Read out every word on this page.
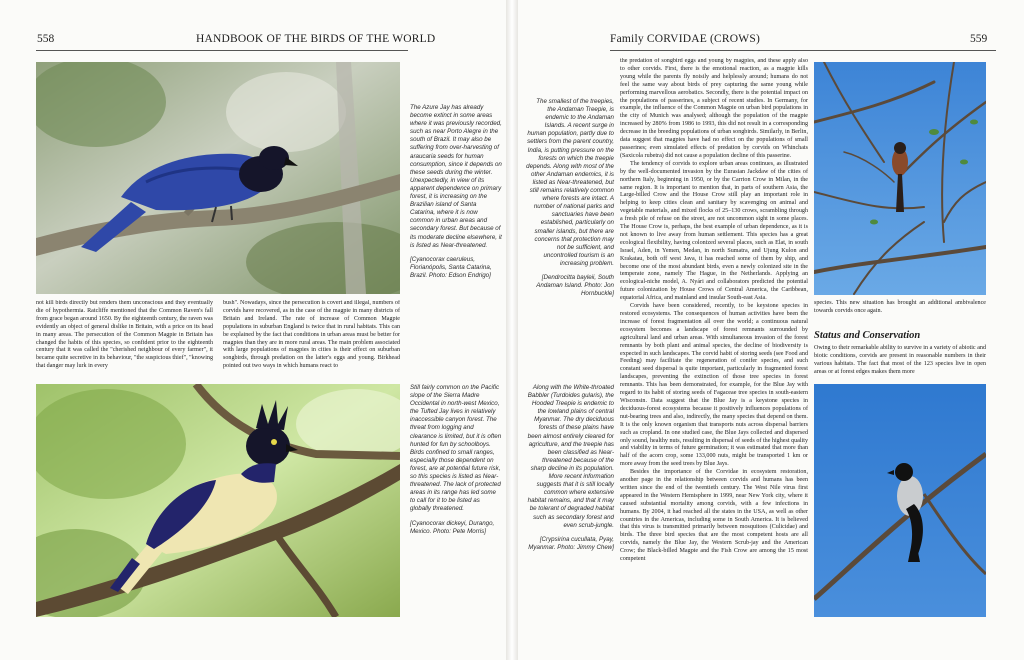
558	HANDBOOK OF THE BIRDS OF THE WORLD

The Azure Jay has already become extinct in some areas where it was previously recorded, such as near Porto Alegre in the south of Brazil. It may also be suffering from over-harvesting of araucaria seeds for human consumption, since it depends on these seeds during the winter. Unexpectedly, in view of its apparent dependence on primary forest, it is increasing on the Brazilian island of Santa Catarina, where it is now common in urban areas and secondary forest. But because of its moderate decline elsewhere, it is listed as Near-threatened.

[Cyanocorax caeruleus, Florianópolis, Santa Catarina, Brazil. Photo: Edson Endrigo]

not kill birds directly but renders them unconscious and they eventually die of hypothermia. Ratcliffe mentioned that the Common Raven's fall from grace began around 1650. By the eighteenth century, the raven was evidently an object of general dislike in Britain, with a price on its head in many areas. The persecution of the Common Magpie in Britain has changed the habits of this species, so confident prior to the eighteenth century that it was called the "cherished neighbour of every farmer", it became quite secretive in its behaviour, "the suspicious thief", "knowing that danger may lurk in every

bush". Nowadays, since the persecution is covert and illegal, numbers of corvids have recovered, as in the case of the magpie in many districts of Britain and Ireland. The rate of increase of Common Magpie populations in suburban England is twice that in rural habitats. This can be explained by the fact that conditions in urban areas must be better for magpies than they are in more rural areas. The main problem associated with large populations of magpies in cities is their effect on suburban songbirds, through predation on the latter's eggs and young. Birkhead pointed out two ways in which humans react to

Still fairly common on the Pacific slope of the Sierra Madre Occidental in north-west Mexico, the Tufted Jay lives in relatively inaccessible canyon forest. The threat from logging and clearance is limited, but it is often hunted for fun by schoolboys. Birds confined to small ranges, especially those dependent on forest, are at potential future risk, so this species is listed as Near-threatened. The lack of protected areas in its range has led some to call for it to be listed as globally threatened.

[Cyanocorax dickeyi, Durango, Mexico. Photo: Pete Morris]

Family CORVIDAE (CROWS)	559

The smallest of the treepies, the Andaman Treepie, is endemic to the Andaman Islands. A recent surge in human population, partly due to settlers from the parent country, India, is putting pressure on the forests on which the treepie depends. Along with most of the other Andaman endemics, it is listed as Near-threatened, but still remains relatively common where forests are intact. A number of national parks and sanctuaries have been established, particularly on smaller islands, but there are concerns that protection may not be sufficient, and uncontrolled tourism is an increasing problem.

[Dendrocitta bayleii, South Andaman Island. Photo: Jon Hornbuckle]

Along with the White-throated Babbler (Turdoides gularis), the Hooded Treepie is endemic to the lowland plains of central Myanmar. The dry deciduous forests of these plains have been almost entirely cleared for agriculture, and the treepie has been classified as Near-threatened because of the sharp decline in its population. More recent information suggests that it is still locally common where extensive habitat remains, and that it may be tolerant of degraded habitat such as secondary forest and even scrub-jungle.

[Crypsirina cucullata, Pyay, Myanmar. Photo: Jimmy Chew]

the predation of songbird eggs and young by magpies, and these apply also to other corvids. First, there is the emotional reaction, as a magpie kills young while the parents fly noisily and helplessly around; humans do not feel the same way about birds of prey capturing the same young while performing marvellous aerobatics. Secondly, there is the potential impact on the populations of passerines, a subject of recent studies. In Germany, for example, the influence of the Common Magpie on urban bird populations in the city of Munich was analysed; although the population of the magpie increased by 280% from 1986 to 1993, this did not result in a corresponding decrease in the breeding populations of urban songbirds. Similarly, in Berlin, data suggest that magpies have had no effect on the populations of small passerines; even simulated effects of predation by corvids on Whinchats (Saxicola rubetra) did not cause a population decline of this passerine.

The tendency of corvids to explore urban areas continues, as illustrated by the well-documented invasion by the Eurasian Jackdaw of the cities of northern Italy, beginning in 1950, or by the Carrion Crow in Milan, in the same region. It is important to mention that, in parts of southern Asia, the Large-billed Crow and the House Crow still play an important role in helping to keep cities clean and sanitary by scavenging on animal and vegetable materials, and mixed flocks of 25–130 crows, scrambling through a fresh pile of refuse on the street, are not uncommon sight in some places. The House Crow is, perhaps, the best example of urban dependence, as it is not known to live away from human settlement. This species has a great ecological flexibility, having colonized several places, such as Elat, in south Israel, Aden, in Yemen, Medan, in north Sumatra, and Ujung Kulon and Krakatau, both off west Java, it has reached some of them by ship, and become one of the most abundant birds, even a newly colonized site in the temperate zone, namely The Hague, in the Netherlands. Applying an ecological-niche model, A. Nyári and collaborators predicted the potential future colonization by House Crows of Central America, the Caribbean, equatorial Africa, and mainland and insular South-east Asia.

Corvids have been considered, recently, to be keystone species in restored ecosystems. The consequences of human activities have been the increase of forest fragmentation all over the world; a continuous natural ecosystem becomes a landscape of forest remnants surrounded by agricultural land and urban areas. With simultaneous invasion of the forest remnants by both plant and animal species, the decline of biodiversity is expected in such landscapes. The corvid habit of storing seeds (see Food and Feeding) may facilitate the regeneration of conifer species, and such constant seed dispersal is quite important, particularly in fragmented forest landscapes, preventing the extinction of those tree species in forest remnants. This has been demonstrated, for example, for the Blue Jay with regard to its habit of storing seeds of Fagaceae tree species in south-eastern Wisconsin. Data suggest that the Blue Jay is a keystone species in deciduous-forest ecosystems because it positively influences populations of nut-bearing trees and also, indirectly, the many species that depend on them. It is the only known organism that transports nuts across dispersal barriers such as cropland. In one studied case, the Blue Jays collected and dispersed only sound, healthy nuts, resulting in dispersal of seeds of the highest quality and viability in terms of future germination; it was estimated that more than half of the acorn crop, some 133,000 nuts, might be transported 1 km or more away from the seed trees by Blue Jays.

Besides the importance of the Corvidae in ecosystem restoration, another page in the relationship between corvids and humans has been written since the end of the twentieth century. The West Nile virus first appeared in the Western Hemisphere in 1999, near New York city, where it caused substantial mortality among corvids, with a few infections in humans. By 2004, it had reached all the states in the USA, as well as other countries in the Americas, including some in South America. It is believed that this virus is transmitted primarily between mosquitoes (Culicidae) and birds. The three bird species that are the most competent hosts are all corvids, namely the Blue Jay, the Western Scrub-jay and the American Crow; the Black-billed Magpie and the Fish Crow are among the 15 most competent

species. This new situation has brought an additional ambivalence towards corvids once again.

Status and Conservation

Owing to their remarkable ability to survive in a variety of abiotic and biotic conditions, corvids are present in reasonable numbers in their various habitats. The fact that most of the 123 species live in open areas or at forest edges makes them more
